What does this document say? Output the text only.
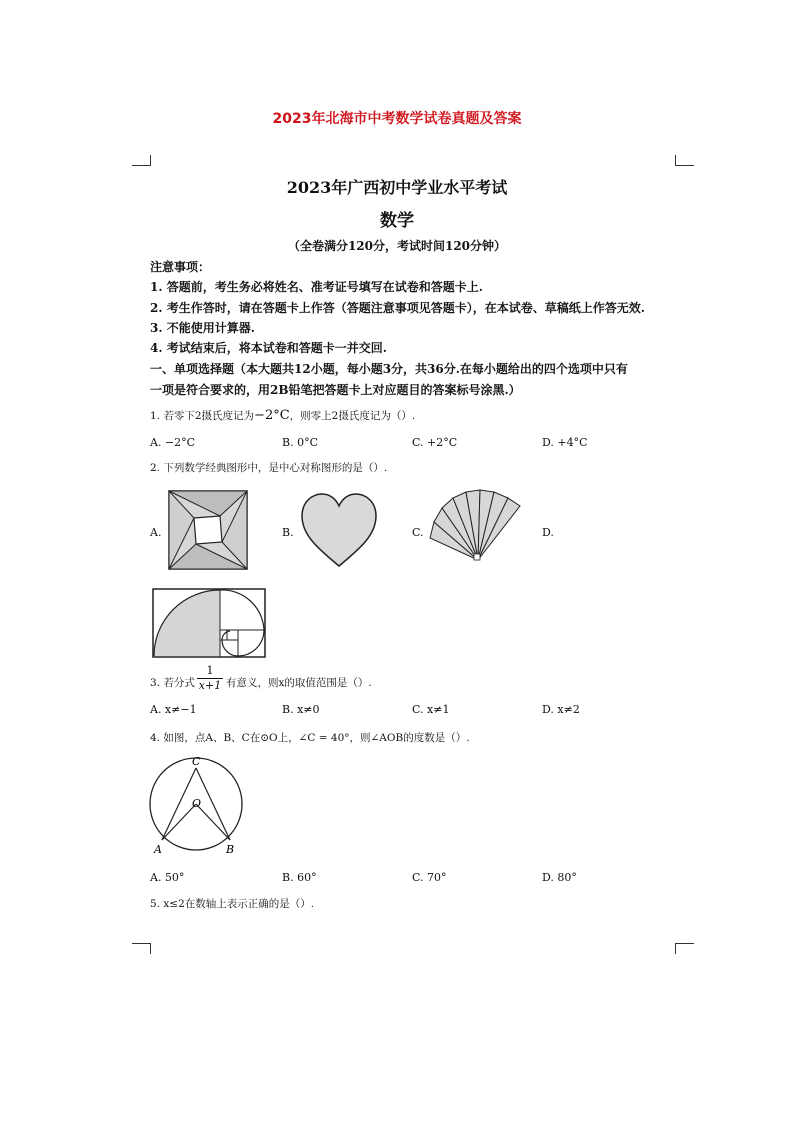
2023年北海市中考数学试卷真题及答案
2023年广西初中学业水平考试
数学
（全卷满分120分，考试时间120分钟）
注意事项：
1. 答题前，考生务必将姓名、准考证号填写在试卷和答题卡上.
2. 考生作答时，请在答题卡上作答（答题注意事项见答题卡），在本试卷、草稿纸上作答无效.
3. 不能使用计算器.
4. 考试结束后，将本试卷和答题卡一并交回.
一、单项选择题（本大题共12小题，每小题3分，共36分.在每小题给出的四个选项中只有
一项是符合要求的，用2B铅笔把答题卡上对应题目的答案标号涂黑.）
1. 若零下2摄氏度记为−2°C，则零上2摄氏度记为（）.
A. −2°C	B. 0°C	C. +2°C	D. +4°C
2. 下列数学经典图形中，是中心对称图形的是（）.
A.	B.	C.	D.
3. 若分式 $\frac{1}{x+1}$ 有意义，则x的取值范围是（）.
A. x≠−1	B. x≠0	C. x≠1	D. x≠2
4. 如图，点A、B、C在⊙O上，∠C = 40°，则∠AOB的度数是（）.
C
O
A	B
A. 50°	B. 60°	C. 70°	D. 80°
5. x≤2在数轴上表示正确的是（）.
